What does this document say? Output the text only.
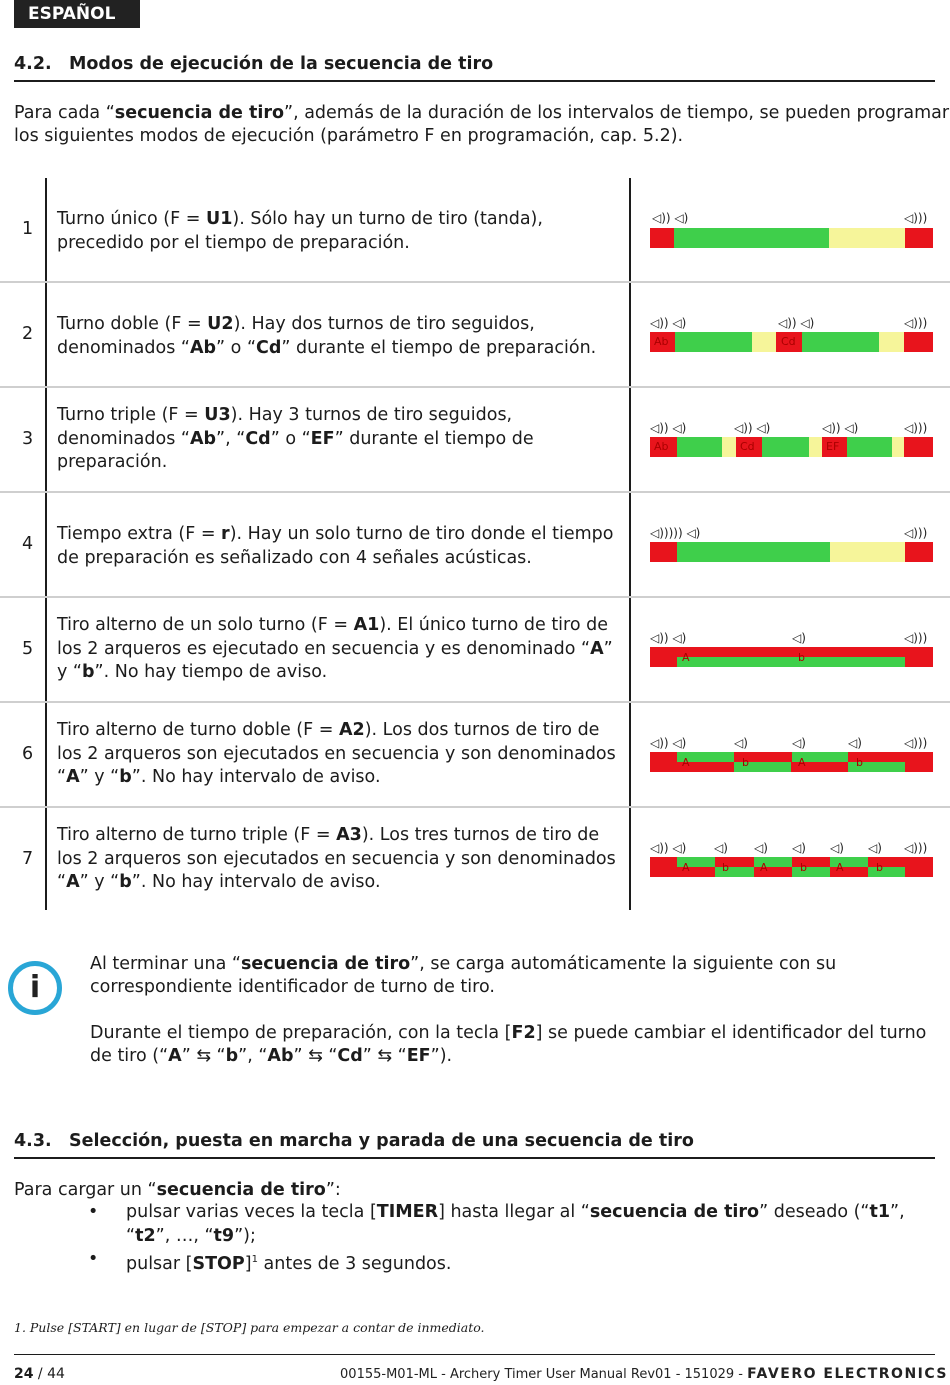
ESPAÑOL
4.2. Modos de ejecución de la secuencia de tiro
Para cada “secuencia de tiro”, además de la duración de los intervalos de tiempo, se pueden programar los siguientes modos de ejecución (parámetro F en programación, cap. 5.2).
1	Turno único (F = U1). Sólo hay un turno de tiro (tanda), precedido por el tiempo de preparación.
◁)) ◁)	◁)))
2	Turno doble (F = U2). Hay dos turnos de tiro seguidos, denominados “Ab” o “Cd” durante el tiempo de preparación.
◁)) ◁)	◁)) ◁)	◁)))
Ab	Cd
3
Turno triple (F = U3). Hay 3 turnos de tiro seguidos, denominados “Ab”, “Cd” o “EF” durante el tiempo de preparación.
◁)) ◁)	◁)) ◁)	◁)) ◁)	◁)))
Ab	Cd	EF
4	Tiempo extra (F = r). Hay un solo turno de tiro donde el tiempo de preparación es señalizado con 4 señales acústicas.
◁))))) ◁)	◁)))
5
Tiro alterno de un solo turno (F = A1). El único turno de tiro de los 2 arqueros es ejecutado en secuencia y es denominado “A” y “b”. No hay tiempo de aviso.
◁)) ◁)	◁)	◁)))
A	b
6
Tiro alterno de turno doble (F = A2). Los dos turnos de tiro de los 2 arqueros son ejecutados en secuencia y son denominados “A” y “b”. No hay intervalo de aviso.
◁)) ◁)	◁)	◁)	◁)	◁)))
A	b	A	b
7
Tiro alterno de turno triple (F = A3). Los tres turnos de tiro de los 2 arqueros son ejecutados en secuencia y son denominados “A” y “b”. No hay intervalo de aviso.
◁)) ◁) ◁) ◁) ◁) ◁) ◁) ◁)))
A	b	A	b	A	b
i
Al terminar una “secuencia de tiro”, se carga automáticamente la siguiente con su correspondiente identificador de turno de tiro.
Durante el tiempo de preparación, con la tecla [F2] se puede cambiar el identificador del turno de tiro (“A” ⇆ “b”, “Ab” ⇆ “Cd” ⇆ “EF”).
4.3. Selección, puesta en marcha y parada de una secuencia de tiro
Para cargar un “secuencia de tiro”:
• pulsar varias veces la tecla [TIMER] hasta llegar al “secuencia de tiro” deseado (“t1”, “t2”, …, “t9”);
• pulsar [STOP]$^1$ antes de 3 segundos.
1. Pulse [START] en lugar de [STOP] para empezar a contar de inmediato.
24 / 44	00155-M01-ML - Archery Timer User Manual Rev01 - 151029 - FAVERO ELECTRONICS
